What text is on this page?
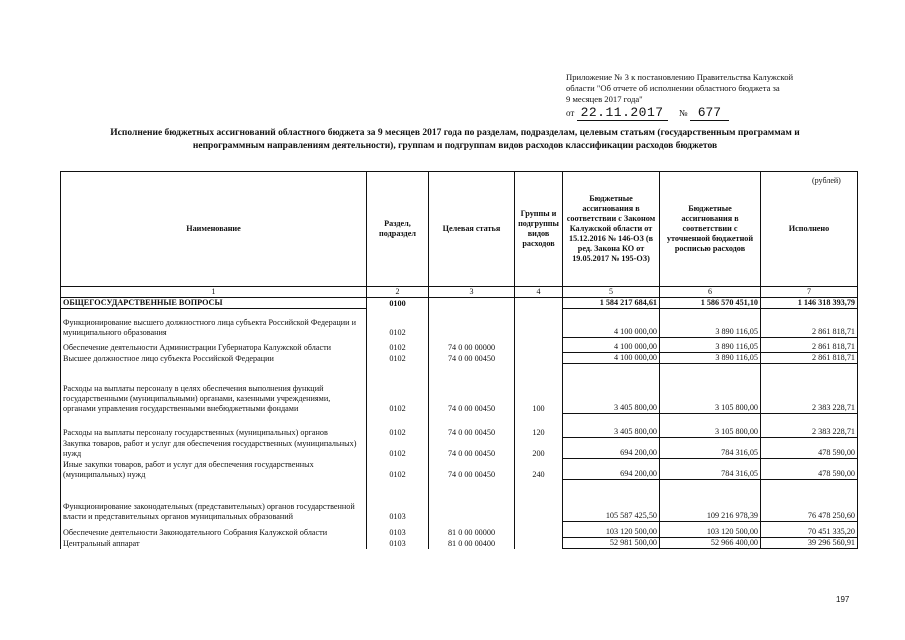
Приложение № 3 к постановлению Правительства Калужской
области "Об отчете об исполнении областного бюджета за
9 месяцев 2017 года"
от 22.11.2017 № 677
Исполнение бюджетных ассигнований областного бюджета за 9 месяцев 2017 года по разделам, подразделам, целевым статьям (государственным программам и
непрограммным направлениям деятельности), группам и подгруппам видов расходов классификации расходов бюджетов
Наименование	Раздел, подраздел	Целевая статья	Группы и подгруппы видов расходов	Бюджетные ассигнования в соответствии с Законом Калужской области от 15.12.2016 № 146-ОЗ (в ред. Закона КО от 19.05.2017 № 195-ОЗ)	Бюджетные ассигнования в соответствии с уточненной бюджетной росписью расходов	Исполнено
1	2	3	4	5	6	7
ОБЩЕГОСУДАРСТВЕННЫЕ ВОПРОСЫ	0100			1 584 217 684,61	1 586 570 451,10	1 146 318 393,79
Функционирование высшего должностного лица субъекта Российской Федерации и муниципального образования	0102			4 100 000,00	3 890 116,05	2 861 818,71
Обеспечение деятельности Администрации Губернатора Калужской области	0102	74 0 00 00000		4 100 000,00	3 890 116,05	2 861 818,71
Высшее должностное лицо субъекта Российской Федерации	0102	74 0 00 00450		4 100 000,00	3 890 116,05	2 861 818,71
Расходы на выплаты персоналу в целях обеспечения выполнения функций государственными (муниципальными) органами, казенными учреждениями, органами управления государственными внебюджетными фондами	0102	74 0 00 00450	100	3 405 800,00	3 105 800,00	2 383 228,71
Расходы на выплаты персоналу государственных (муниципальных) органов	0102	74 0 00 00450	120	3 405 800,00	3 105 800,00	2 383 228,71
Закупка товаров, работ и услуг для обеспечения государственных (муниципальных) нужд	0102	74 0 00 00450	200	694 200,00	784 316,05	478 590,00
Иные закупки товаров, работ и услуг для обеспечения государственных (муниципальных) нужд	0102	74 0 00 00450	240	694 200,00	784 316,05	478 590,00
Функционирование законодательных (представительных) органов государственной власти и представительных органов муниципальных образований	0103			105 587 425,50	109 216 978,39	76 478 250,60
Обеспечение деятельности Законодательного Собрания Калужской области	0103	81 0 00 00000		103 120 500,00	103 120 500,00	70 451 335,20
Центральный аппарат	0103	81 0 00 00400		52 981 500,00	52 966 400,00	39 296 560,91
(рублей)
197
